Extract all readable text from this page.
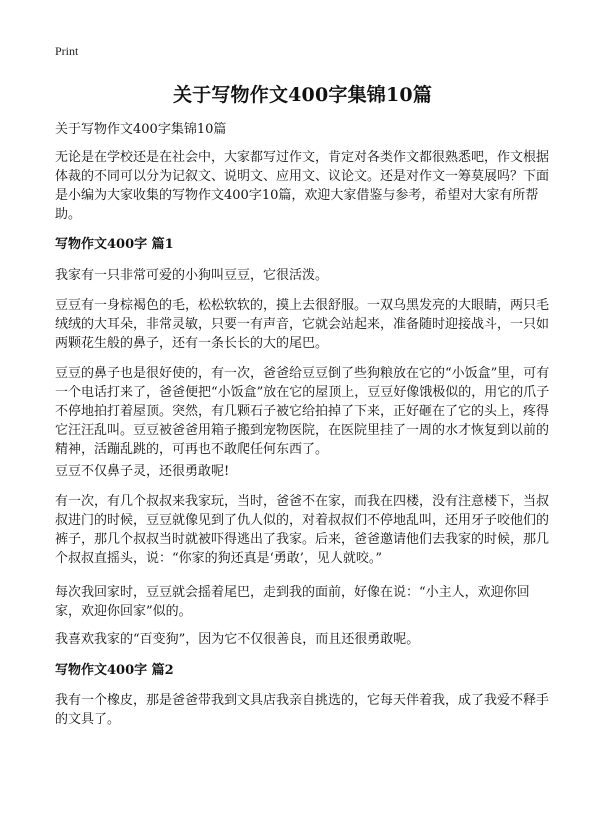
Print
关于写物作文400字集锦10篇
关于写物作文400字集锦10篇

无论是在学校还是在社会中，大家都写过作文，肯定对各类作文都很熟悉吧，作文根据体裁的不同可以分为记叙文、说明文、应用文、议论文。还是对作文一筹莫展吗？下面是小编为大家收集的写物作文400字10篇，欢迎大家借鉴与参考，希望对大家有所帮助。

写物作文400字 篇1

我家有一只非常可爱的小狗叫豆豆，它很活泼。

豆豆有一身棕褐色的毛，松松软软的，摸上去很舒服。一双乌黑发亮的大眼睛，两只毛绒绒的大耳朵，非常灵敏，只要一有声音，它就会站起来，准备随时迎接战斗，一只如两颗花生般的鼻子，还有一条长长的大的尾巴。

豆豆的鼻子也是很好使的，有一次，爸爸给豆豆倒了些狗粮放在它的“小饭盒”里，可有一个电话打来了，爸爸便把“小饭盒”放在它的屋顶上，豆豆好像饿极似的，用它的爪子不停地拍打着屋顶。突然，有几颗石子被它给拍掉了下来，正好砸在了它的头上，疼得它汪汪乱叫。豆豆被爸爸用箱子搬到宠物医院，在医院里挂了一周的水才恢复到以前的精神，活蹦乱跳的，可再也不敢爬任何东西了。

豆豆不仅鼻子灵，还很勇敢呢!

有一次，有几个叔叔来我家玩，当时，爸爸不在家，而我在四楼，没有注意楼下，当叔叔进门的时候，豆豆就像见到了仇人似的，对着叔叔们不停地乱叫，还用牙子咬他们的裤子，那几个叔叔当时就被吓得逃出了我家。后来，爸爸邀请他们去我家的时候，那几个叔叔直摇头，说：“你家的狗还真是‘勇敢’，见人就咬。”

每次我回家时，豆豆就会摇着尾巴，走到我的面前，好像在说：“小主人，欢迎你回家，欢迎你回家”似的。

我喜欢我家的“百变狗”，因为它不仅很善良，而且还很勇敢呢。

写物作文400字 篇2

我有一个橡皮，那是爸爸带我到文具店我亲自挑选的，它每天伴着我，成了我爱不释手的文具了。
